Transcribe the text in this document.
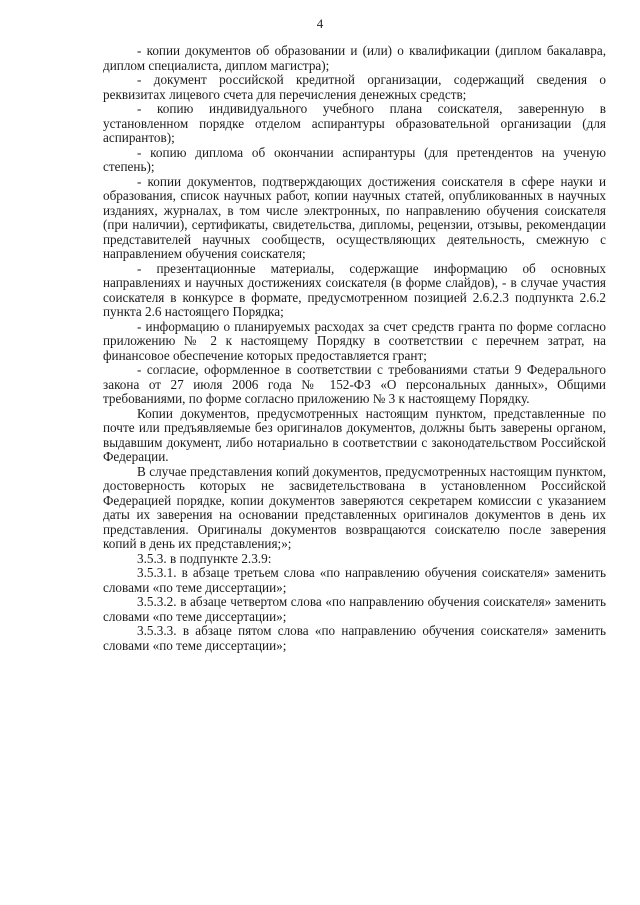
4

- копии документов об образовании и (или) о квалификации (диплом бакалавра, диплом специалиста, диплом магистра);

- документ российской кредитной организации, содержащий сведения о реквизитах лицевого счета для перечисления денежных средств;

- копию индивидуального учебного плана соискателя, заверенную в установленном порядке отделом аспирантуры образовательной организации (для аспирантов);

- копию диплома об окончании аспирантуры (для претендентов на ученую степень);

- копии документов, подтверждающих достижения соискателя в сфере науки и образования, список научных работ, копии научных статей, опубликованных в научных изданиях, журналах, в том числе электронных, по направлению обучения соискателя (при наличии), сертификаты, свидетельства, дипломы, рецензии, отзывы, рекомендации представителей научных сообществ, осуществляющих деятельность, смежную с направлением обучения соискателя;

- презентационные материалы, содержащие информацию об основных направлениях и научных достижениях соискателя (в форме слайдов), - в случае участия соискателя в конкурсе в формате, предусмотренном позицией 2.6.2.3 подпункта 2.6.2 пункта 2.6 настоящего Порядка;

- информацию о планируемых расходах за счет средств гранта по форме согласно приложению № 2 к настоящему Порядку в соответствии с перечнем затрат, на финансовое обеспечение которых предоставляется грант;

- согласие, оформленное в соответствии с требованиями статьи 9 Федерального закона от 27 июля 2006 года № 152-ФЗ «О персональных данных», Общими требованиями, по форме согласно приложению № 3 к настоящему Порядку.

Копии документов, предусмотренных настоящим пунктом, представленные по почте или предъявляемые без оригиналов документов, должны быть заверены органом, выдавшим документ, либо нотариально в соответствии с законодательством Российской Федерации.

В случае представления копий документов, предусмотренных настоящим пунктом, достоверность которых не засвидетельствована в установленном Российской Федерацией порядке, копии документов заверяются секретарем комиссии с указанием даты их заверения на основании представленных оригиналов документов в день их представления. Оригиналы документов возвращаются соискателю после заверения копий в день их представления;»;

3.5.3. в подпункте 2.3.9:

3.5.3.1. в абзаце третьем слова «по направлению обучения соискателя» заменить словами «по теме диссертации»;

3.5.3.2. в абзаце четвертом слова «по направлению обучения соискателя» заменить словами «по теме диссертации»;

3.5.3.3. в абзаце пятом слова «по направлению обучения соискателя» заменить словами «по теме диссертации»;
